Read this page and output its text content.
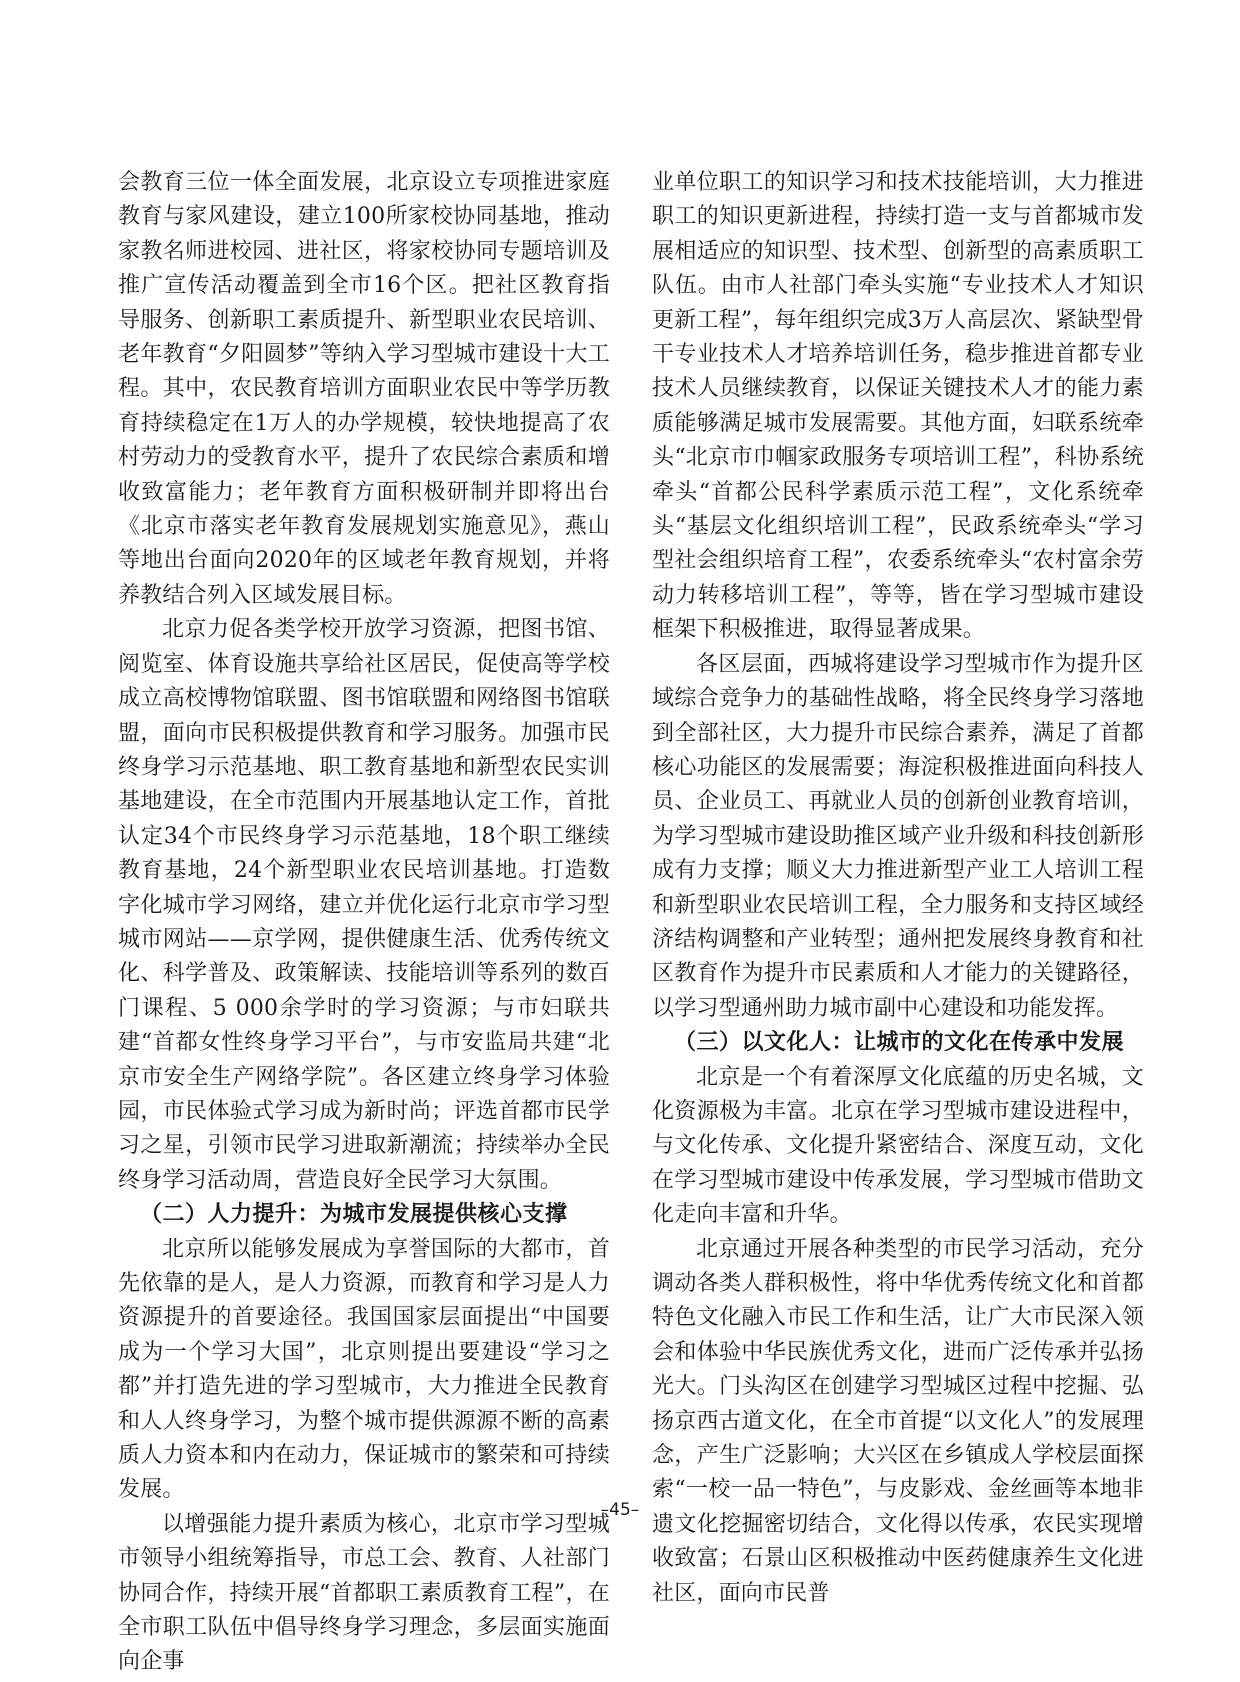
会教育三位一体全面发展，北京设立专项推进家庭教育与家风建设，建立100所家校协同基地，推动家教名师进校园、进社区，将家校协同专题培训及推广宣传活动覆盖到全市16个区。把社区教育指导服务、创新职工素质提升、新型职业农民培训、老年教育“夕阳圆梦”等纳入学习型城市建设十大工程。其中，农民教育培训方面职业农民中等学历教育持续稳定在1万人的办学规模，较快地提高了农村劳动力的受教育水平，提升了农民综合素质和增收致富能力；老年教育方面积极研制并即将出台《北京市落实老年教育发展规划实施意见》，燕山等地出台面向2020年的区域老年教育规划，并将养教结合列入区域发展目标。

北京力促各类学校开放学习资源，把图书馆、阅览室、体育设施共享给社区居民，促使高等学校成立高校博物馆联盟、图书馆联盟和网络图书馆联盟，面向市民积极提供教育和学习服务。加强市民终身学习示范基地、职工教育基地和新型农民实训基地建设，在全市范围内开展基地认定工作，首批认定34个市民终身学习示范基地，18个职工继续教育基地，24个新型职业农民培训基地。打造数字化城市学习网络，建立并优化运行北京市学习型城市网站——京学网，提供健康生活、优秀传统文化、科学普及、政策解读、技能培训等系列的数百门课程、5 000余学时的学习资源；与市妇联共建“首都女性终身学习平台”，与市安监局共建“北京市安全生产网络学院”。各区建立终身学习体验园，市民体验式学习成为新时尚；评选首都市民学习之星，引领市民学习进取新潮流；持续举办全民终身学习活动周，营造良好全民学习大氛围。

（二）人力提升：为城市发展提供核心支撑

北京所以能够发展成为享誉国际的大都市，首先依靠的是人，是人力资源，而教育和学习是人力资源提升的首要途径。我国国家层面提出“中国要成为一个学习大国”，北京则提出要建设“学习之都”并打造先进的学习型城市，大力推进全民教育和人人终身学习，为整个城市提供源源不断的高素质人力资本和内在动力，保证城市的繁荣和可持续发展。

以增强能力提升素质为核心，北京市学习型城市领导小组统筹指导，市总工会、教育、人社部门协同合作，持续开展“首都职工素质教育工程”，在全市职工队伍中倡导终身学习理念，多层面实施面向企事

业单位职工的知识学习和技术技能培训，大力推进职工的知识更新进程，持续打造一支与首都城市发展相适应的知识型、技术型、创新型的高素质职工队伍。由市人社部门牵头实施“专业技术人才知识更新工程”，每年组织完成3万人高层次、紧缺型骨干专业技术人才培养培训任务，稳步推进首都专业技术人员继续教育，以保证关键技术人才的能力素质能够满足城市发展需要。其他方面，妇联系统牵头“北京市巾帼家政服务专项培训工程”，科协系统牵头“首都公民科学素质示范工程”，文化系统牵头“基层文化组织培训工程”，民政系统牵头“学习型社会组织培育工程”，农委系统牵头“农村富余劳动力转移培训工程”，等等，皆在学习型城市建设框架下积极推进，取得显著成果。

各区层面，西城将建设学习型城市作为提升区域综合竞争力的基础性战略，将全民终身学习落地到全部社区，大力提升市民综合素养，满足了首都核心功能区的发展需要；海淀积极推进面向科技人员、企业员工、再就业人员的创新创业教育培训，为学习型城市建设助推区域产业升级和科技创新形成有力支撑；顺义大力推进新型产业工人培训工程和新型职业农民培训工程，全力服务和支持区域经济结构调整和产业转型；通州把发展终身教育和社区教育作为提升市民素质和人才能力的关键路径，以学习型通州助力城市副中心建设和功能发挥。

（三）以文化人：让城市的文化在传承中发展

北京是一个有着深厚文化底蕴的历史名城，文化资源极为丰富。北京在学习型城市建设进程中，与文化传承、文化提升紧密结合、深度互动，文化在学习型城市建设中传承发展，学习型城市借助文化走向丰富和升华。

北京通过开展各种类型的市民学习活动，充分调动各类人群积极性，将中华优秀传统文化和首都特色文化融入市民工作和生活，让广大市民深入领会和体验中华民族优秀文化，进而广泛传承并弘扬光大。门头沟区在创建学习型城区过程中挖掘、弘扬京西古道文化，在全市首提“以文化人”的发展理念，产生广泛影响；大兴区在乡镇成人学校层面探索“一校一品一特色”，与皮影戏、金丝画等本地非遗文化挖掘密切结合，文化得以传承，农民实现增收致富；石景山区积极推动中医药健康养生文化进社区，面向市民普

–45–
